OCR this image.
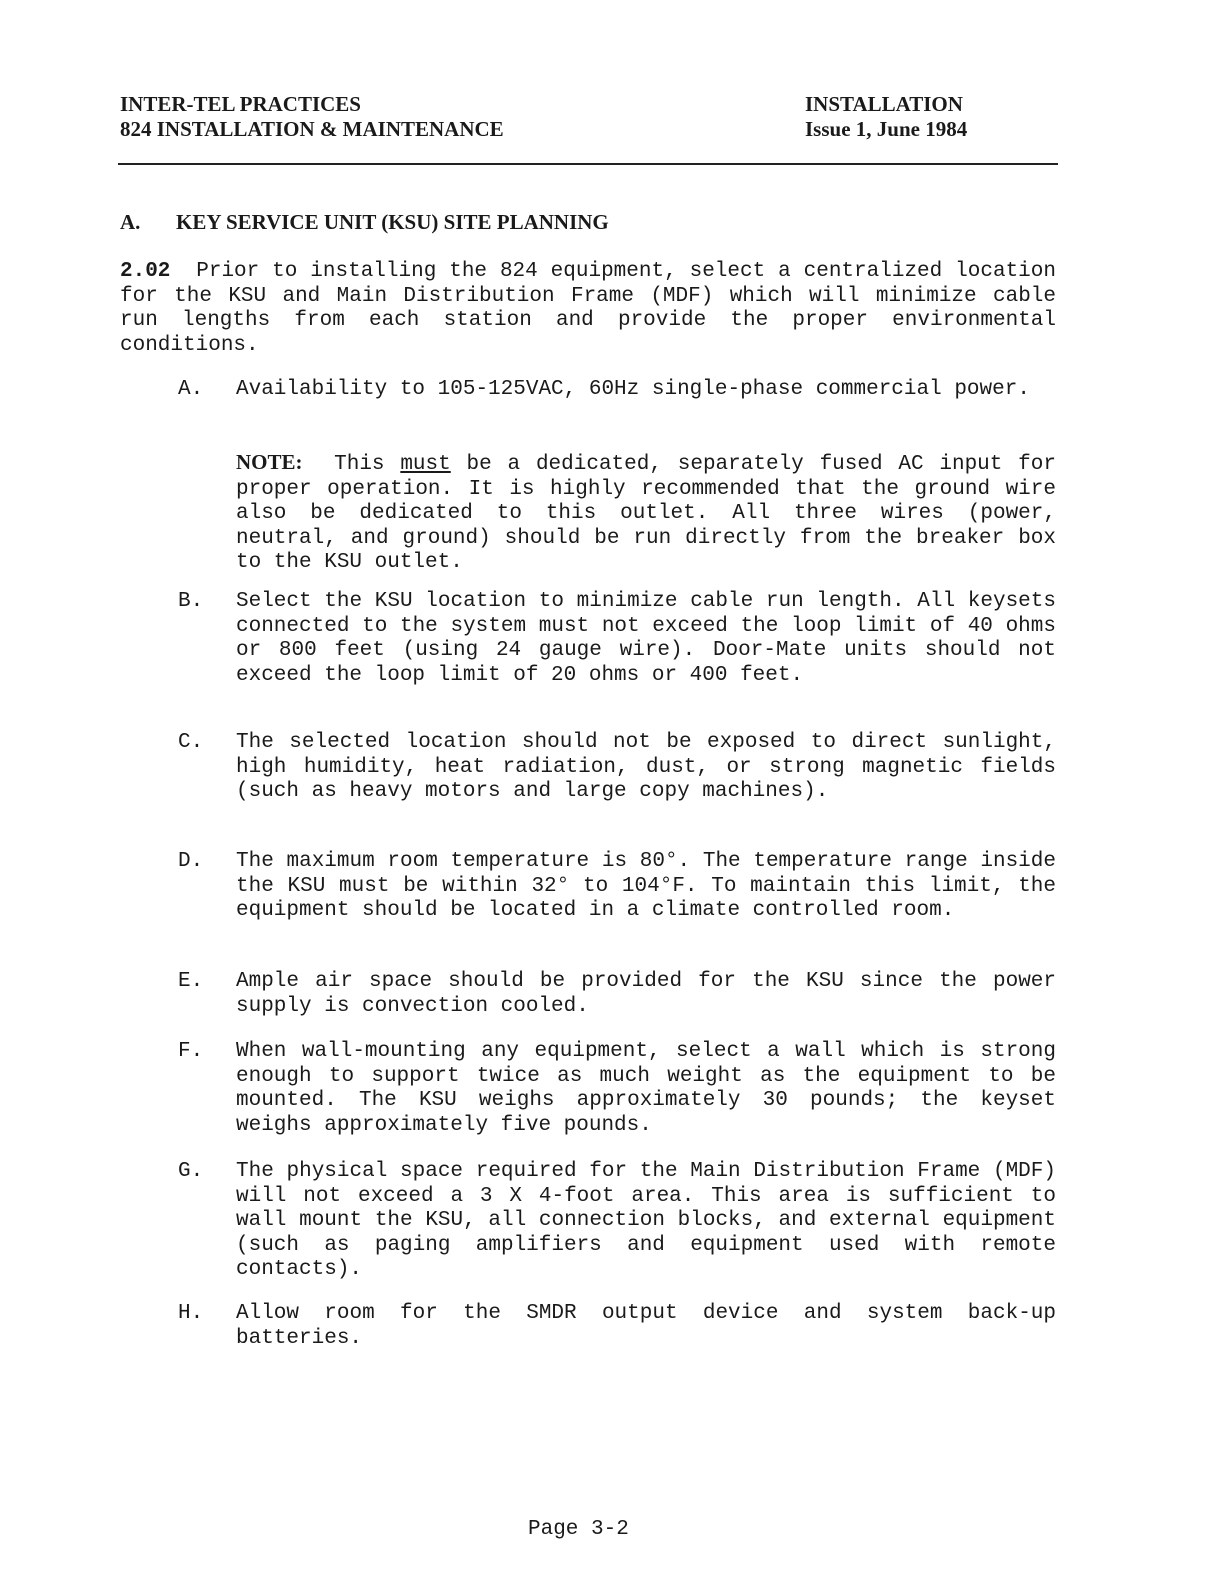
INTER-TEL PRACTICES
824 INSTALLATION & MAINTENANCE
INSTALLATION
Issue 1, June 1984
A. KEY SERVICE UNIT (KSU) SITE PLANNING
2.02 Prior to installing the 824 equipment, select a centralized location for the KSU and Main Distribution Frame (MDF) which will minimize cable run lengths from each station and provide the proper environmental conditions.
A.	Availability to 105-125VAC, 60Hz single-phase commercial power.
NOTE: This must be a dedicated, separately fused AC input for proper operation. It is highly recommended that the ground wire also be dedicated to this outlet. All three wires (power, neutral, and ground) should be run directly from the breaker box to the KSU outlet.
B.	Select the KSU location to minimize cable run length. All keysets connected to the system must not exceed the loop limit of 40 ohms or 800 feet (using 24 gauge wire). Door-Mate units should not exceed the loop limit of 20 ohms or 400 feet.
C.	The selected location should not be exposed to direct sunlight, high humidity, heat radiation, dust, or strong magnetic fields (such as heavy motors and large copy machines).
D.	The maximum room temperature is 80°. The temperature range inside the KSU must be within 32° to 104°F. To maintain this limit, the equipment should be located in a climate controlled room.
E.	Ample air space should be provided for the KSU since the power supply is convection cooled.
F.	When wall-mounting any equipment, select a wall which is strong enough to support twice as much weight as the equipment to be mounted. The KSU weighs approximately 30 pounds; the keyset weighs approximately five pounds.
G.	The physical space required for the Main Distribution Frame (MDF) will not exceed a 3 X 4-foot area. This area is sufficient to wall mount the KSU, all connection blocks, and external equipment (such as paging amplifiers and equipment used with remote contacts).
H.	Allow room for the SMDR output device and system back-up batteries.
Page 3-2
